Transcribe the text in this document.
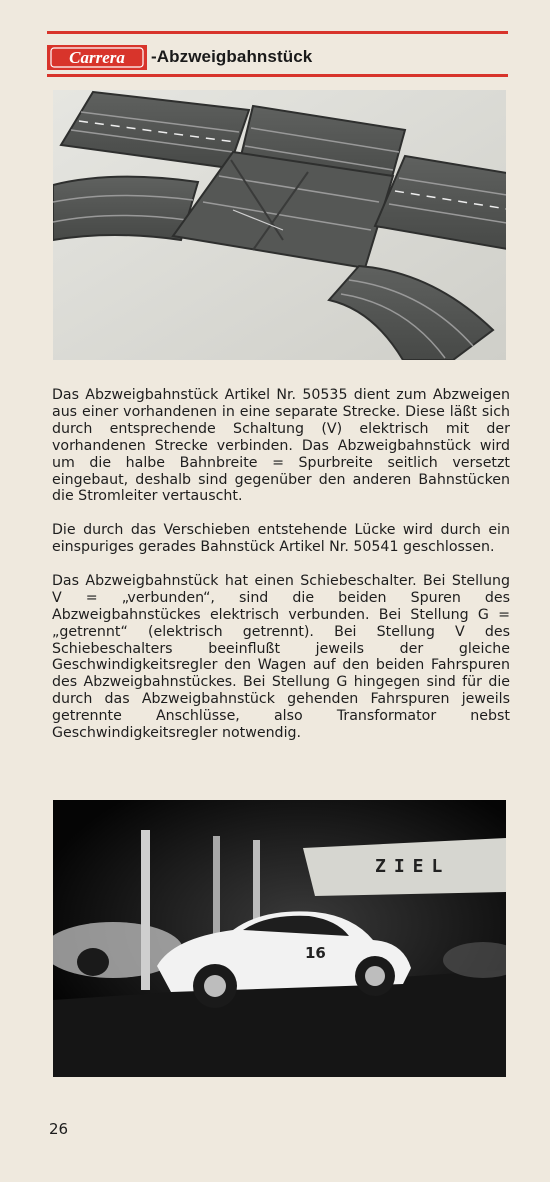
Carrera -Abzweigbahnstück

Das Abzweigbahnstück Artikel Nr. 50535 dient zum Abzweigen aus einer vorhandenen in eine separate Strecke. Diese läßt sich durch entsprechende Schaltung (V) elektrisch mit der vorhandenen Strecke verbinden. Das Abzweigbahnstück wird um die halbe Bahnbreite = Spurbreite seitlich versetzt eingebaut, deshalb sind gegenüber den anderen Bahnstücken die Stromleiter vertauscht.

Die durch das Verschieben entstehende Lücke wird durch ein einspuriges gerades Bahnstück Artikel Nr. 50541 geschlossen.

Das Abzweigbahnstück hat einen Schiebeschalter. Bei Stellung V = „verbunden“, sind die beiden Spuren des Abzweigbahnstückes elektrisch verbunden. Bei Stellung G = „getrennt“ (elektrisch getrennt). Bei Stellung V des Schiebeschalters beeinflußt jeweils der gleiche Geschwindigkeitsregler den Wagen auf den beiden Fahrspuren des Abzweigbahnstückes. Bei Stellung G hingegen sind für die durch das Abzweigbahnstück gehenden Fahrspuren jeweils getrennte Anschlüsse, also Transformator nebst Geschwindigkeitsregler notwendig.

ZIEL
16
26
